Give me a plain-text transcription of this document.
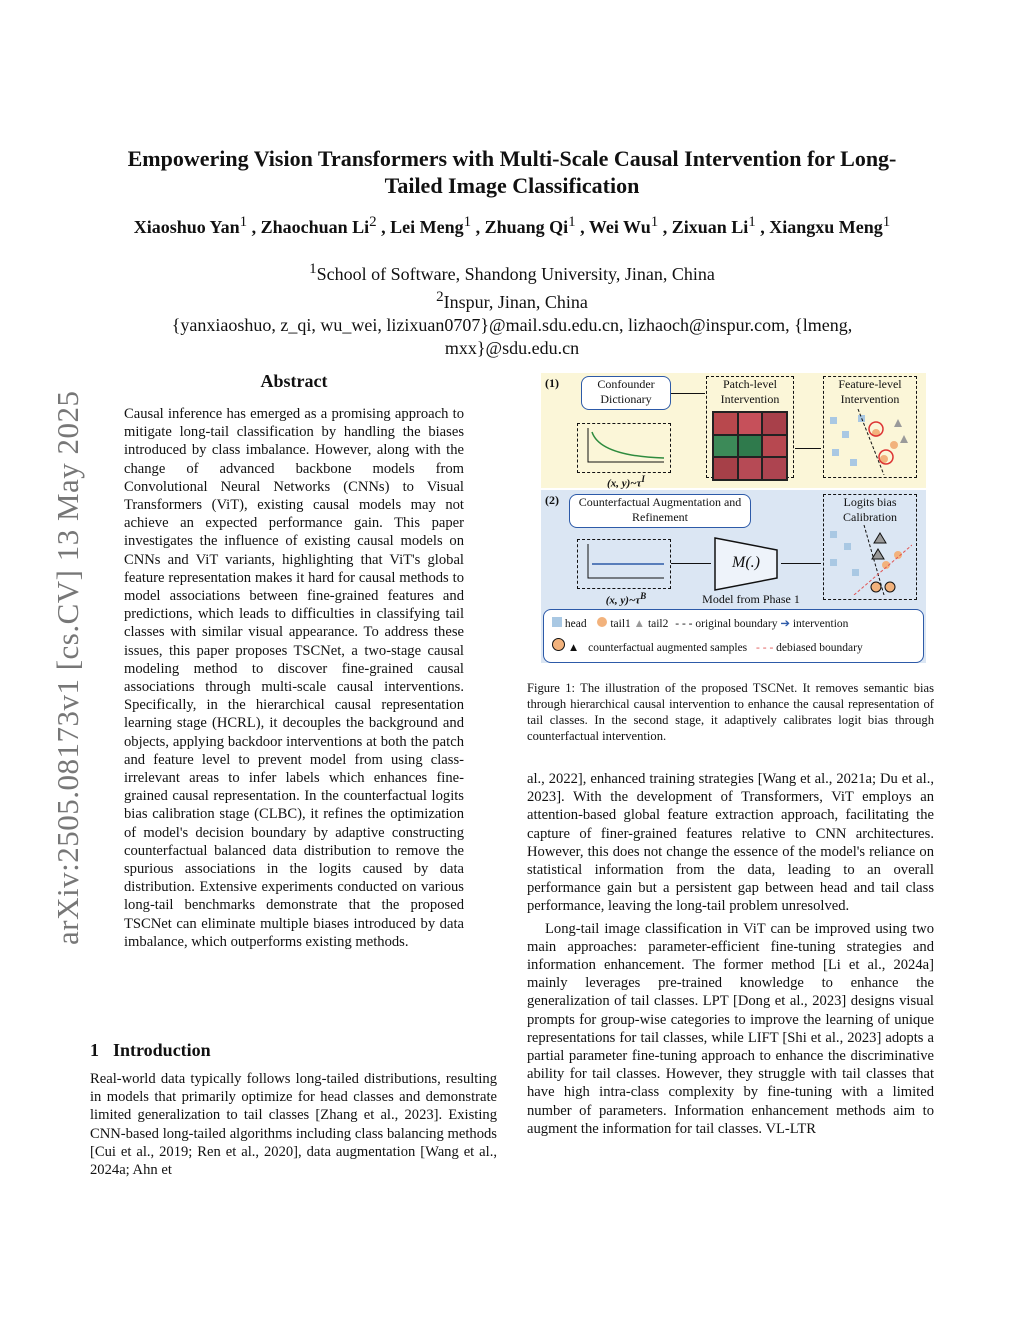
arXiv:2505.08173v1 [cs.CV] 13 May 2025
Empowering Vision Transformers with Multi-Scale Causal Intervention for Long-Tailed Image Classification
Xiaoshuo Yan$^1$ , Zhaochuan Li$^2$ , Lei Meng$^1$ , Zhuang Qi$^1$ , Wei Wu$^1$ , Zixuan Li$^1$ , Xiangxu Meng$^1$
$^1$School of Software, Shandong University, Jinan, China
$^2$Inspur, Jinan, China
{yanxiaoshuo, z_qi, wu_wei, lizixuan0707}@mail.sdu.edu.cn, lizhaoch@inspur.com, {lmeng, mxx}@sdu.edu.cn
Abstract
Causal inference has emerged as a promising approach to mitigate long-tail classification by handling the biases introduced by class imbalance. However, along with the change of advanced backbone models from Convolutional Neural Networks (CNNs) to Visual Transformers (ViT), existing causal models may not achieve an expected performance gain. This paper investigates the influence of existing causal models on CNNs and ViT variants, highlighting that ViT's global feature representation makes it hard for causal methods to model associations between fine-grained features and predictions, which leads to difficulties in classifying tail classes with similar visual appearance. To address these issues, this paper proposes TSCNet, a two-stage causal modeling method to discover fine-grained causal associations through multi-scale causal interventions. Specifically, in the hierarchical causal representation learning stage (HCRL), it decouples the background and objects, applying backdoor interventions at both the patch and feature level to prevent model from using class-irrelevant areas to infer labels which enhances fine-grained causal representation. In the counterfactual logits bias calibration stage (CLBC), it refines the optimization of model's decision boundary by adaptive constructing counterfactual balanced data distribution to remove the spurious associations in the logits caused by data distribution. Extensive experiments conducted on various long-tail benchmarks demonstrate that the proposed TSCNet can eliminate multiple biases introduced by data imbalance, which outperforms existing methods.
1 Introduction
Real-world data typically follows long-tailed distributions, resulting in models that primarily optimize for head classes and demonstrate limited generalization to tail classes [Zhang et al., 2023]. Existing CNN-based long-tailed algorithms including class balancing methods [Cui et al., 2019; Ren et al., 2020], data augmentation [Wang et al., 2024a; Ahn et
(1)	Confounder Dictionary
Patch-level Intervention
Feature-level Intervention
(x, $y)\sim\tau^I$
(2)	Counterfactual Augmentation and Refinement
(x, $y)\sim\tau^B$
M(.)
Model from Phase 1
Logits bias Calibration
head tail1 ▲ tail2 - - - original boundary ➔ intervention
▲ counterfactual augmented samples - - - debiased boundary
Figure 1: The illustration of the proposed TSCNet. It removes semantic bias through hierarchical causal intervention to enhance the causal representation of tail classes. In the second stage, it adaptively calibrates logit bias through counterfactual intervention.

al., 2022], enhanced training strategies [Wang et al., 2021a; Du et al., 2023]. With the development of Transformers, ViT employs an attention-based global feature extraction approach, facilitating the capture of finer-grained features relative to CNN architectures. However, this does not change the essence of the model's reliance on statistical information from the data, leading to an overall performance gain but a persistent gap between head and tail class performance, leaving the long-tail problem unresolved.

Long-tail image classification in ViT can be improved using two main approaches: parameter-efficient fine-tuning strategies and information enhancement. The former method [Li et al., 2024a] mainly leverages pre-trained knowledge to enhance the generalization of tail classes. LPT [Dong et al., 2023] designs visual prompts for group-wise categories to improve the learning of unique representations for tail classes, while LIFT [Shi et al., 2023] adopts a partial parameter fine-tuning approach to enhance the discriminative ability for tail classes. However, they struggle with tail classes that have high intra-class complexity by fine-tuning with a limited number of parameters. Information enhancement methods aim to augment the information for tail classes. VL-LTR
